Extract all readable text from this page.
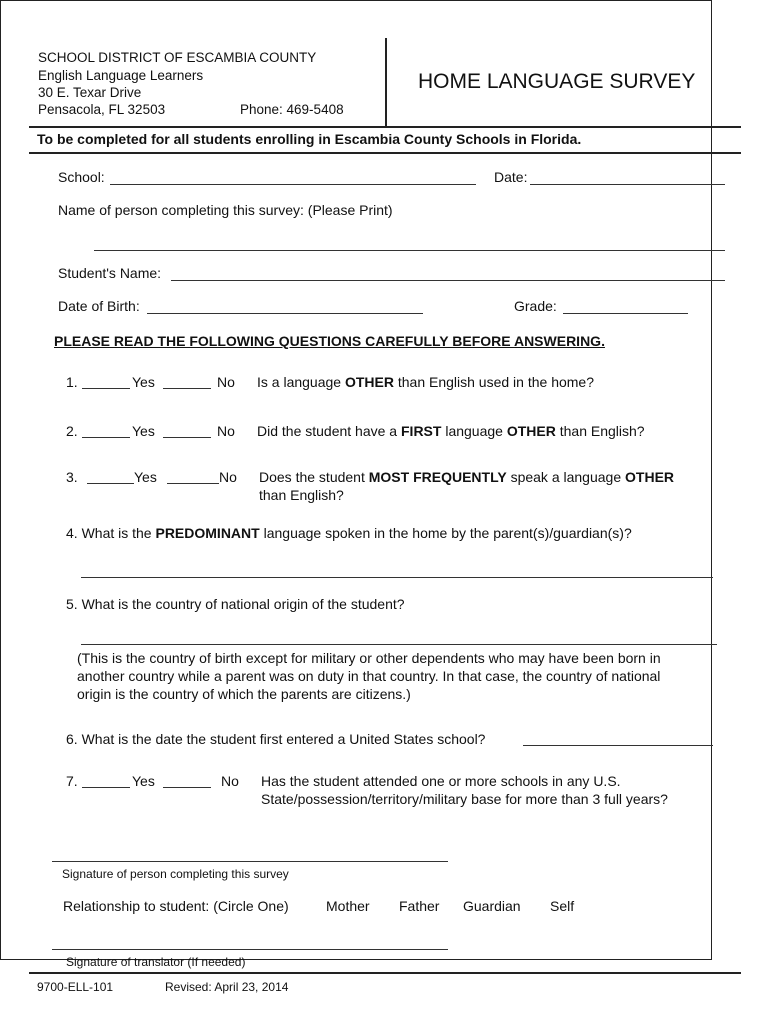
SCHOOL DISTRICT OF ESCAMBIA COUNTY
English Language Learners
30 E. Texar Drive
Pensacola, FL 32503	Phone: 469-5408
HOME LANGUAGE SURVEY
To be completed for all students enrolling in Escambia County Schools in Florida.
School:	Date:
Name of person completing this survey: (Please Print)
Student's Name:
Date of Birth:	Grade:
PLEASE READ THE FOLLOWING QUESTIONS CAREFULLY BEFORE ANSWERING.
1.	Yes	No Is a language OTHER than English used in the home?
2.	Yes	No Did the student have a FIRST language OTHER than English?
3.	Yes	No Does the student MOST FREQUENTLY speak a language OTHER
than English?
4. What is the PREDOMINANT language spoken in the home by the parent(s)/guardian(s)?
5. What is the country of national origin of the student?
(This is the country of birth except for military or other dependents who may have been born in
another country while a parent was on duty in that country. In that case, the country of national
origin is the country of which the parents are citizens.)
6. What is the date the student first entered a United States school?
7.	Yes	No Has the student attended one or more schools in any U.S.
State/possession/territory/military base for more than 3 full years?
Signature of person completing this survey
Relationship to student: (Circle One)	Mother Father Guardian Self
Signature of translator (If needed)
9700-ELL-101	Revised: April 23, 2014
